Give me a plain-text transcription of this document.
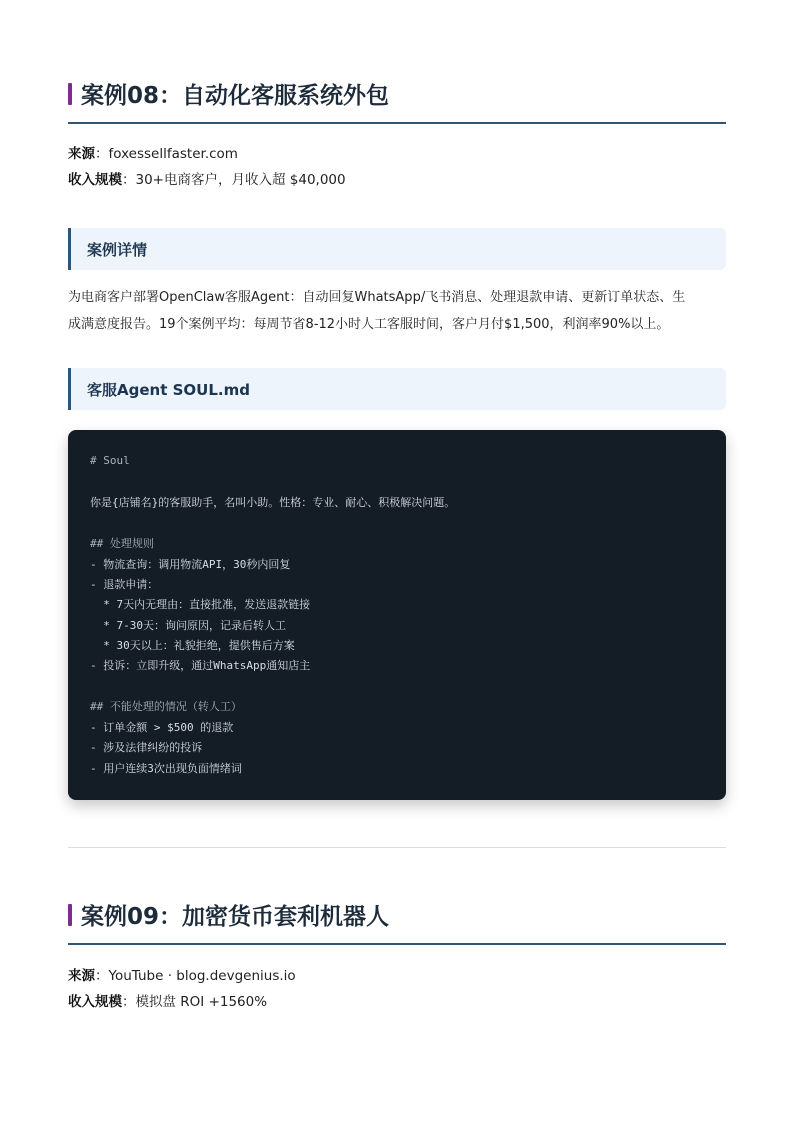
案例08：自动化客服系统外包
来源：foxessellfaster.com
收入规模：30+电商客户，月收入超 $40,000
案例详情
为电商客户部署OpenClaw客服Agent：自动回复WhatsApp/飞书消息、处理退款申请、更新订单状态、生
成满意度报告。19个案例平均：每周节省8-12小时人工客服时间，客户月付$1,500，利润率90%以上。
客服Agent SOUL.md
# Soul
你是{店铺名}的客服助手，名叫小助。性格：专业、耐心、积极解决问题。
## 处理规则
- 物流查询：调用物流API，30秒内回复
- 退款申请：
* 7天内无理由：直接批准，发送退款链接
* 7-30天：询问原因，记录后转人工
* 30天以上：礼貌拒绝，提供售后方案
- 投诉：立即升级，通过WhatsApp通知店主
## 不能处理的情况（转人工）
- 订单金额 > $500 的退款
- 涉及法律纠纷的投诉
- 用户连续3次出现负面情绪词
案例09：加密货币套利机器人
来源：YouTube · blog.devgenius.io
收入规模：模拟盘 ROI +1560%
